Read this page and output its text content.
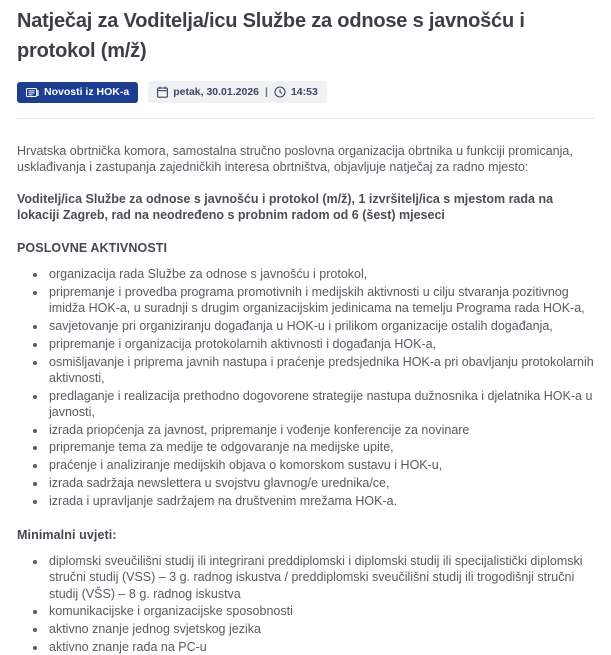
Natječaj za Voditelja/icu Službe za odnose s javnošću i protokol (m/ž)
Novosti iz HOK-a	petak, 30.01.2026 | 14:53

Hrvatska obrtnička komora, samostalna stručno poslovna organizacija obrtnika u funkciji promicanja, usklađivanja i zastupanja zajedničkih interesa obrtništva, objavljuje natječaj za radno mjesto:

Voditelj/ica Službe za odnose s javnošću i protokol (m/ž), 1 izvršitelj/ica s mjestom rada na lokaciji Zagreb, rad na neodređeno s probnim radom od 6 (šest) mjeseci

POSLOVNE AKTIVNOSTI
• organizacija rada Službe za odnose s javnošću i protokol,
• pripremanje i provedba programa promotivnih i medijskih aktivnosti u cilju stvaranja pozitivnog imidža HOK-a, u suradnji s drugim organizacijskim jedinicama na temelju Programa rada HOK-a,
• savjetovanje pri organiziranju događanja u HOK-u i prilikom organizacije ostalih događanja,
• pripremanje i organizacija protokolarnih aktivnosti i događanja HOK-a,
• osmišljavanje i priprema javnih nastupa i praćenje predsjednika HOK-a pri obavljanju protokolarnih aktivnosti,
• predlaganje i realizacija prethodno dogovorene strategije nastupa dužnosnika i djelatnika HOK-a u javnosti,
• izrada priopćenja za javnost, pripremanje i vođenje konferencije za novinare
• pripremanje tema za medije te odgovaranje na medijske upite,
• praćenje i analiziranje medijskih objava o komorskom sustavu i HOK-u,
• izrada sadržaja newslettera u svojstvu glavnog/e urednika/ce,
• izrada i upravljanje sadržajem na društvenim mrežama HOK-a.
Minimalni uvjeti:
• diplomski sveučilišni studij ili integrirani preddiplomski i diplomski studij ili specijalistički diplomski stručni studij (VSS) – 3 g. radnog iskustva / preddiplomski sveučilišni studij ili trogodišnji stručni studij (VŠS) – 8 g. radnog iskustva
• komunikacijske i organizacijske sposobnosti
• aktivno znanje jednog svjetskog jezika
• aktivno znanje rada na PC-u
